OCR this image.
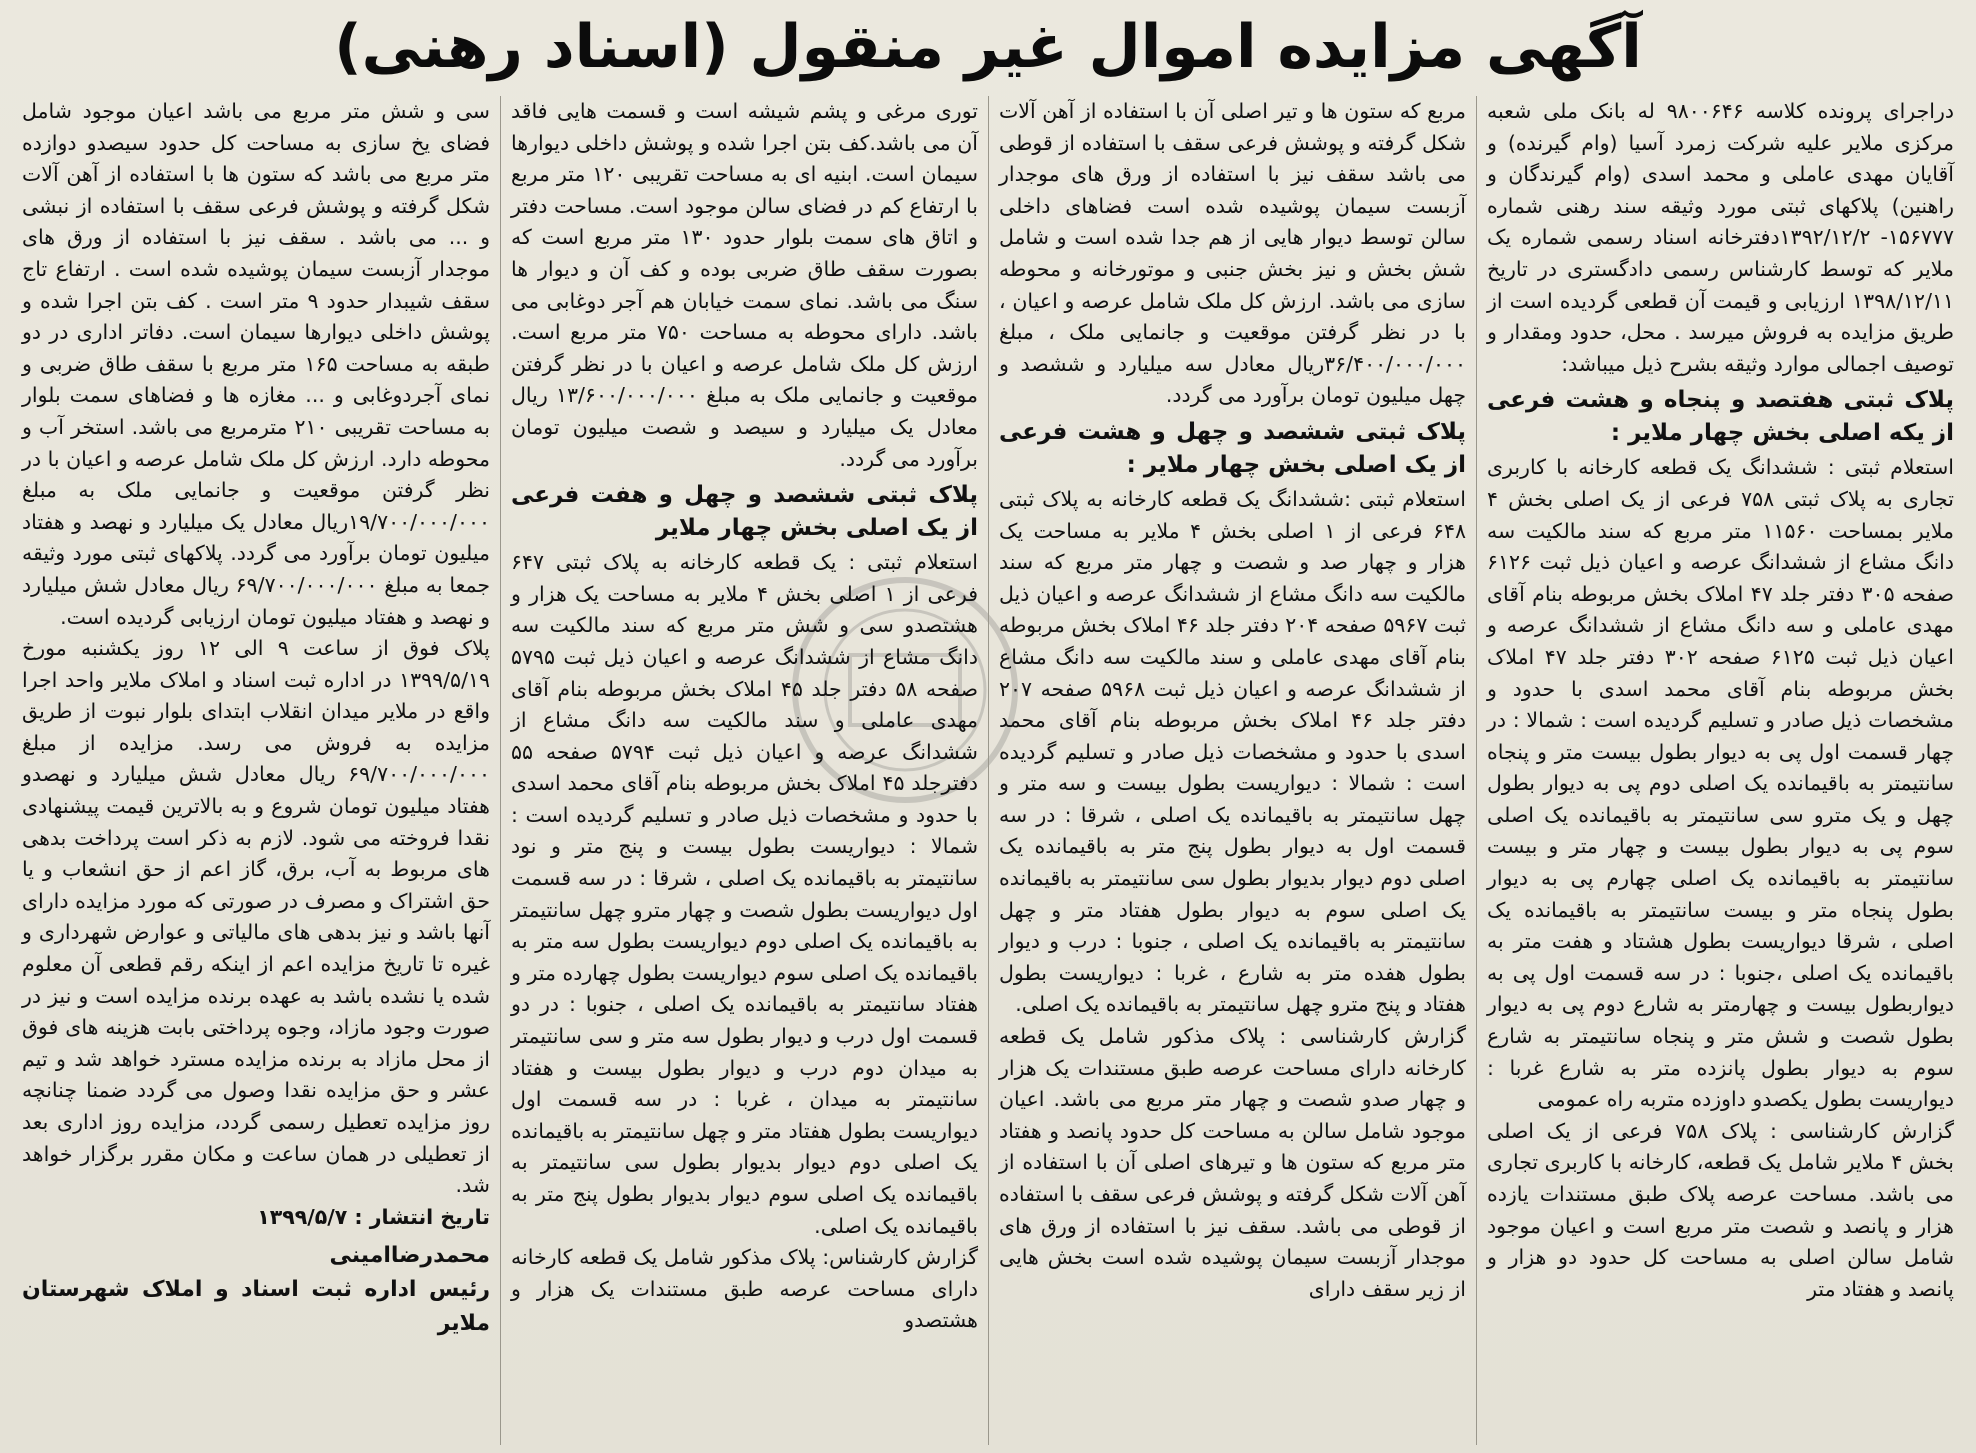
آگهی مزایده اموال غیر منقول (اسناد رهنی)

دراجرای پرونده کلاسه ۹۸۰۰۶۴۶ له بانک ملی شعبه مرکزی ملایر علیه شرکت زمرد آسیا (وام گیرنده) و آقایان مهدی عاملی و محمد اسدی (وام گیرندگان و راهنین) پلاکهای ثبتی مورد وثیقه سند رهنی شماره ۱۵۶۷۷۷- ۱۳۹۲/۱۲/۲دفترخانه اسناد رسمی شماره یک ملایر که توسط کارشناس رسمی دادگستری در تاریخ ۱۳۹۸/۱۲/۱۱ ارزیابی و قیمت آن قطعی گردیده است از طریق مزایده به فروش میرسد . محل، حدود ومقدار و توصیف اجمالی موارد وثیقه بشرح ذیل میباشد:

پلاک ثبتی هفتصد و پنجاه و هشت فرعی از یکه اصلی بخش چهار ملایر :

استعلام ثبتی : ششدانگ یک قطعه کارخانه با کاربری تجاری به پلاک ثبتی ۷۵۸ فرعی از یک اصلی بخش ۴ ملایر بمساحت ۱۱۵۶۰ متر مربع که سند مالکیت سه دانگ مشاع از ششدانگ عرصه و اعیان ذیل ثبت ۶۱۲۶ صفحه ۳۰۵ دفتر جلد ۴۷ املاک بخش مربوطه بنام آقای مهدی عاملی و سه دانگ مشاع از ششدانگ عرصه و اعیان ذیل ثبت ۶۱۲۵ صفحه ۳۰۲ دفتر جلد ۴۷ املاک بخش مربوطه بنام آقای محمد اسدی با حدود و مشخصات ذیل صادر و تسلیم گردیده است : شمالا : در چهار قسمت اول پی به دیوار بطول بیست متر و پنجاه سانتیمتر به باقیمانده یک اصلی دوم پی به دیوار بطول چهل و یک مترو سی سانتیمتر به باقیمانده یک اصلی سوم پی به دیوار بطول بیست و چهار متر و بیست سانتیمتر به باقیمانده یک اصلی چهارم پی به دیوار بطول پنجاه متر و بیست سانتیمتر به باقیمانده یک اصلی ، شرقا دیواریست بطول هشتاد و هفت متر به باقیمانده یک اصلی ،جنوبا : در سه قسمت اول پی به دیواربطول بیست و چهارمتر به شارع دوم پی به دیوار بطول شصت و شش متر و پنجاه سانتیمتر به شارع سوم به دیوار بطول پانزده متر به شارع غربا : دیواریست بطول یکصدو داوزده متربه راه عمومی

گزارش کارشناسی : پلاک ۷۵۸ فرعی از یک اصلی بخش ۴ ملایر شامل یک قطعه، کارخانه با کاربری تجاری می باشد. مساحت عرصه پلاک طبق مستندات یازده هزار و پانصد و شصت متر مربع است و اعیان موجود شامل سالن اصلی به مساحت کل حدود دو هزار و پانصد و هفتاد متر

مربع که ستون ها و تیر اصلی آن با استفاده از آهن آلات شکل گرفته و پوشش فرعی سقف با استفاده از قوطی می باشد سقف نیز با استفاده از ورق های موجدار آزبست سیمان پوشیده شده است فضاهای داخلی سالن توسط دیوار هایی از هم جدا شده است و شامل شش بخش و نیز بخش جنبی و موتورخانه و محوطه سازی می باشد. ارزش کل ملک شامل عرصه و اعیان ، با در نظر گرفتن موقعیت و جانمایی ملک ، مبلغ ۳۶/۴۰۰/۰۰۰/۰۰۰ریال معادل سه میلیارد و ششصد و چهل میلیون تومان برآورد می گردد.

پلاک ثبتی ششصد و چهل و هشت فرعی از یک اصلی بخش چهار ملایر :

استعلام ثبتی :ششدانگ یک قطعه کارخانه به پلاک ثبتی ۶۴۸ فرعی از ۱ اصلی بخش ۴ ملایر به مساحت یک هزار و چهار صد و شصت و چهار متر مربع که سند مالکیت سه دانگ مشاع از ششدانگ عرصه و اعیان ذیل ثبت ۵۹۶۷ صفحه ۲۰۴ دفتر جلد ۴۶ املاک بخش مربوطه بنام آقای مهدی عاملی و سند مالکیت سه دانگ مشاع از ششدانگ عرصه و اعیان ذیل ثبت ۵۹۶۸ صفحه ۲۰۷ دفتر جلد ۴۶ املاک بخش مربوطه بنام آقای محمد اسدی با حدود و مشخصات ذیل صادر و تسلیم گردیده است : شمالا : دیواریست بطول بیست و سه متر و چهل سانتیمتر به باقیمانده یک اصلی ، شرقا : در سه قسمت اول به دیوار بطول پنج متر به باقیمانده یک اصلی دوم دیوار بدیوار بطول سی سانتیمتر به باقیمانده یک اصلی سوم به دیوار بطول هفتاد متر و چهل سانتیمتر به باقیمانده یک اصلی ، جنوبا : درب و دیوار بطول هفده متر به شارع ، غربا : دیواریست بطول هفتاد و پنج مترو چهل سانتیمتر به باقیمانده یک اصلی.

گزارش کارشناسی : پلاک مذکور شامل یک قطعه کارخانه دارای مساحت عرصه طبق مستندات یک هزار و چهار صدو شصت و چهار متر مربع می باشد. اعیان موجود شامل سالن به مساحت کل حدود پانصد و هفتاد متر مربع که ستون ها و تیرهای اصلی آن با استفاده از آهن آلات شکل گرفته و پوشش فرعی سقف با استفاده از قوطی می باشد. سقف نیز با استفاده از ورق های موجدار آزبست سیمان پوشیده شده است بخش هایی از زیر سقف دارای

توری مرغی و پشم شیشه است و قسمت هایی فاقد آن می باشد.کف بتن اجرا شده و پوشش داخلی دیوارها سیمان است. ابنیه ای به مساحت تقریبی ۱۲۰ متر مربع با ارتفاع کم در فضای سالن موجود است. مساحت دفتر و اتاق های سمت بلوار حدود ۱۳۰ متر مربع است که بصورت سقف طاق ضربی بوده و کف آن و دیوار ها سنگ می باشد. نمای سمت خیابان هم آجر دوغابی می باشد. دارای محوطه به مساحت ۷۵۰ متر مربع است. ارزش کل ملک شامل عرصه و اعیان با در نظر گرفتن موقعیت و جانمایی ملک به مبلغ ۱۳/۶۰۰/۰۰۰/۰۰۰ ریال معادل یک میلیارد و سیصد و شصت میلیون تومان برآورد می گردد.

پلاک ثبتی ششصد و چهل و هفت فرعی از یک اصلی بخش چهار ملایر

استعلام ثبتی : یک قطعه کارخانه به پلاک ثبتی ۶۴۷ فرعی از ۱ اصلی بخش ۴ ملایر به مساحت یک هزار و هشتصدو سی و شش متر مربع که سند مالکیت سه دانگ مشاع از ششدانگ عرصه و اعیان ذیل ثبت ۵۷۹۵ صفحه ۵۸ دفتر جلد ۴۵ املاک بخش مربوطه بنام آقای مهدی عاملی و سند مالکیت سه دانگ مشاع از ششدانگ عرصه و اعیان ذیل ثبت ۵۷۹۴ صفحه ۵۵ دفترجلد ۴۵ املاک بخش مربوطه بنام آقای محمد اسدی با حدود و مشخصات ذیل صادر و تسلیم گردیده است : شمالا : دیواریست بطول بیست و پنج متر و نود سانتیمتر به باقیمانده یک اصلی ، شرقا : در سه قسمت اول دیواریست بطول شصت و چهار مترو چهل سانتیمتر به باقیمانده یک اصلی دوم دیواریست بطول سه متر به باقیمانده یک اصلی سوم دیواریست بطول چهارده متر و هفتاد سانتیمتر به باقیمانده یک اصلی ، جنوبا : در دو قسمت اول درب و دیوار بطول سه متر و سی سانتیمتر به میدان دوم درب و دیوار بطول بیست و هفتاد سانتیمتر به میدان ، غربا : در سه قسمت اول دیواریست بطول هفتاد متر و چهل سانتیمتر به باقیمانده یک اصلی دوم دیوار بدیوار بطول سی سانتیمتر به باقیمانده یک اصلی سوم دیوار بدیوار بطول پنج متر به باقیمانده یک اصلی.

گزارش کارشناس: پلاک مذکور شامل یک قطعه کارخانه دارای مساحت عرصه طبق مستندات یک هزار و هشتصدو

سی و شش متر مربع می باشد اعیان موجود شامل فضای یخ سازی به مساحت کل حدود سیصدو دوازده متر مربع می باشد که ستون ها با استفاده از آهن آلات شکل گرفته و پوشش فرعی سقف با استفاده از نبشی و ... می باشد . سقف نیز با استفاده از ورق های موجدار آزبست سیمان پوشیده شده است . ارتفاع تاج سقف شیبدار حدود ۹ متر است . کف بتن اجرا شده و پوشش داخلی دیوارها سیمان است. دفاتر اداری در دو طبقه به مساحت ۱۶۵ متر مربع با سقف طاق ضربی و نمای آجردوغابی و ... مغازه ها و فضاهای سمت بلوار به مساحت تقریبی ۲۱۰ مترمربع می باشد. استخر آب و محوطه دارد. ارزش کل ملک شامل عرصه و اعیان با در نظر گرفتن موقعیت و جانمایی ملک به مبلغ ۱۹/۷۰۰/۰۰۰/۰۰۰ریال معادل یک میلیارد و نهصد و هفتاد میلیون تومان برآورد می گردد. پلاکهای ثبتی مورد وثیقه جمعا به مبلغ ۶۹/۷۰۰/۰۰۰/۰۰۰ ریال معادل شش میلیارد و نهصد و هفتاد میلیون تومان ارزیابی گردیده است.

پلاک فوق از ساعت ۹ الی ۱۲ روز یکشنبه مورخ ۱۳۹۹/۵/۱۹ در اداره ثبت اسناد و املاک ملایر واحد اجرا واقع در ملایر میدان انقلاب ابتدای بلوار نبوت از طریق مزایده به فروش می رسد. مزایده از مبلغ ۶۹/۷۰۰/۰۰۰/۰۰۰ ریال معادل شش میلیارد و نهصدو هفتاد میلیون تومان شروع و به بالاترین قیمت پیشنهادی نقدا فروخته می شود. لازم به ذکر است پرداخت بدهی های مربوط به آب، برق، گاز اعم از حق انشعاب و یا حق اشتراک و مصرف در صورتی که مورد مزایده دارای آنها باشد و نیز بدهی های مالیاتی و عوارض شهرداری و غیره تا تاریخ مزایده اعم از اینکه رقم قطعی آن معلوم شده یا نشده باشد به عهده برنده مزایده است و نیز در صورت وجود مازاد، وجوه پرداختی بابت هزینه های فوق از محل مازاد به برنده مزایده مسترد خواهد شد و تیم عشر و حق مزایده نقدا وصول می گردد ضمنا چنانچه روز مزایده تعطیل رسمی گردد، مزایده روز اداری بعد از تعطیلی در همان ساعت و مکان مقرر برگزار خواهد شد.

تاریخ انتشار : ۱۳۹۹/۵/۷

محمدرضاامینی
رئیس اداره ثبت اسناد و املاک شهرستان ملایر
